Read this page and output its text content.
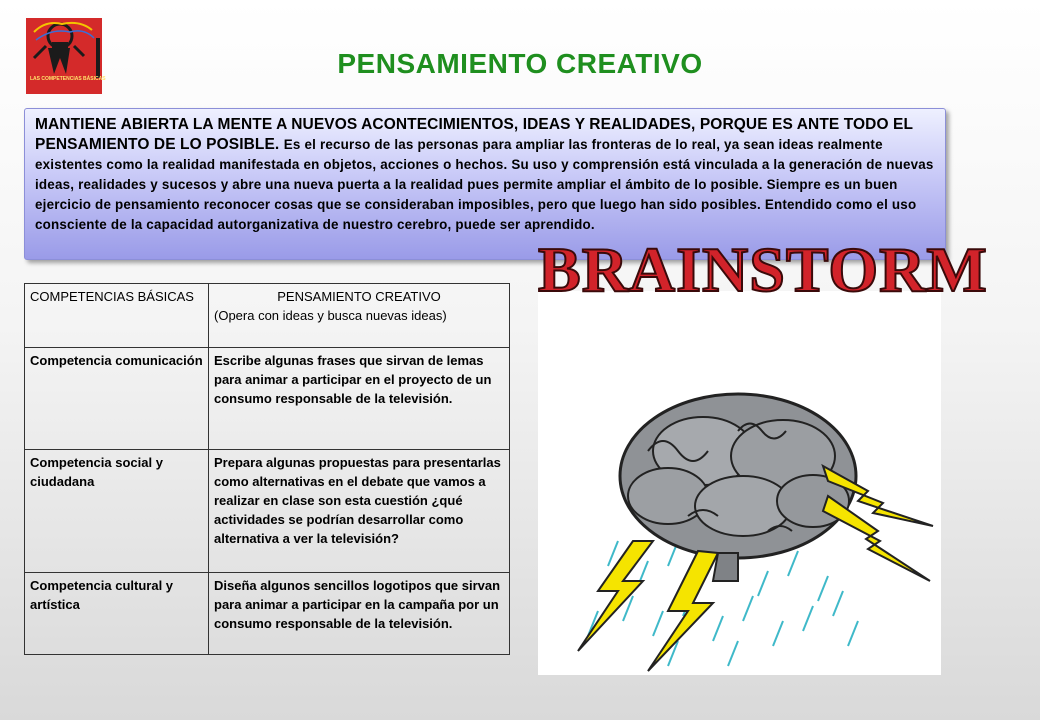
LAS COMPETENCIAS BÁSICAS	PENSAMIENTO CREATIVO
MANTIENE ABIERTA LA MENTE A NUEVOS ACONTECIMIENTOS, IDEAS Y REALIDADES, PORQUE ES ANTE TODO EL PENSAMIENTO DE LO POSIBLE. Es el recurso de las personas para ampliar las fronteras de lo real, ya sean ideas realmente existentes como la realidad manifestada en objetos, acciones o hechos. Su uso y comprensión está vinculada a la generación de nuevas ideas, realidades y sucesos y abre una nueva puerta a la realidad pues permite ampliar el ámbito de lo posible. Siempre es un buen ejercicio de pensamiento reconocer cosas que se consideraban imposibles, pero que luego han sido posibles. Entendido como el uso consciente de la capacidad autorganizativa de nuestro cerebro, puede ser aprendido.
COMPETENCIAS BÁSICAS	PENSAMIENTO CREATIVO
(Opera con ideas y busca nuevas ideas)

Competencia comunicación	Escribe algunas frases que sirvan de lemas para animar a participar en el proyecto de un consumo responsable de la televisión.
Competencia social y ciudadana	Prepara algunas propuestas para presentarlas como alternativas en el debate que vamos a realizar en clase son esta cuestión ¿qué actividades se podrían desarrollar como alternativa a ver la televisión?
Competencia cultural y artística	Diseña algunos sencillos logotipos que sirvan para animar a participar en la campaña por un consumo responsable de la televisión.
BRAINSTORM
